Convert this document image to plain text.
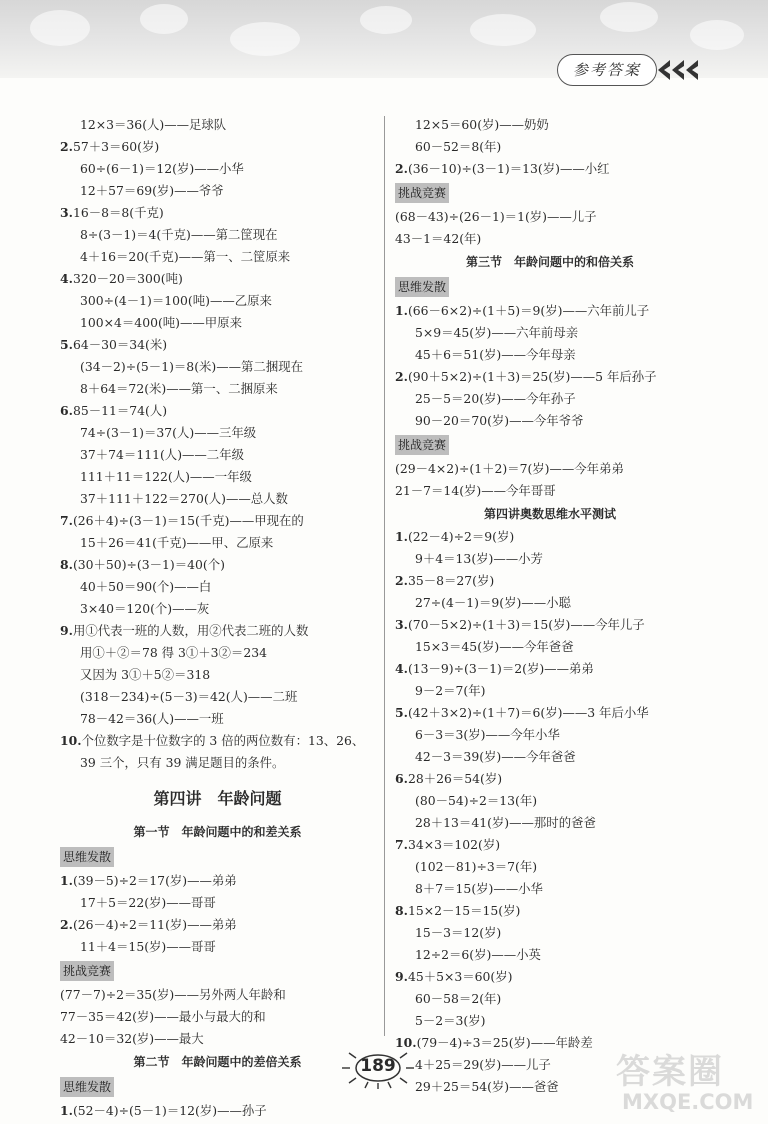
参考答案
12×3＝36(人)——足球队
2.57＋3＝60(岁)
60÷(6－1)＝12(岁)——小华
12＋57＝69(岁)——爷爷
3.16－8＝8(千克)
8÷(3－1)＝4(千克)——第二筐现在
4＋16＝20(千克)——第一、二筐原来
4.320－20＝300(吨)
300÷(4－1)＝100(吨)——乙原来
100×4＝400(吨)——甲原来
5.64－30＝34(米)
(34－2)÷(5－1)＝8(米)——第二捆现在
8＋64＝72(米)——第一、二捆原来
6.85－11＝74(人)
74÷(3－1)＝37(人)——三年级
37＋74＝111(人)——二年级
111＋11＝122(人)——一年级
37＋111＋122＝270(人)——总人数
7.(26＋4)÷(3－1)＝15(千克)——甲现在的
15＋26＝41(千克)——甲、乙原来
8.(30＋50)÷(3－1)＝40(个)
40＋50＝90(个)——白
3×40＝120(个)——灰
9.用①代表一班的人数，用②代表二班的人数
用①＋②＝78 得 3①＋3②＝234
又因为 3①＋5②＝318
(318－234)÷(5－3)＝42(人)——二班
78－42＝36(人)——一班
10.个位数字是十位数字的 3 倍的两位数有：13、26、
39 三个，只有 39 满足题目的条件。
第四讲　年龄问题
第一节　年龄问题中的和差关系
思维发散
1.(39－5)÷2＝17(岁)——弟弟
17＋5＝22(岁)——哥哥
2.(26－4)÷2＝11(岁)——弟弟
11＋4＝15(岁)——哥哥
挑战竞赛
(77－7)÷2＝35(岁)——另外两人年龄和
77－35＝42(岁)——最小与最大的和
42－10＝32(岁)——最大
第二节　年龄问题中的差倍关系
思维发散
1.(52－4)÷(5－1)＝12(岁)——孙子
12×5＝60(岁)——奶奶
60－52＝8(年)
2.(36－10)÷(3－1)＝13(岁)——小红
挑战竞赛
(68－43)÷(26－1)＝1(岁)——儿子
43－1＝42(年)
第三节　年龄问题中的和倍关系
思维发散
1.(66－6×2)÷(1＋5)＝9(岁)——六年前儿子
5×9＝45(岁)——六年前母亲
45＋6＝51(岁)——今年母亲
2.(90＋5×2)÷(1＋3)＝25(岁)——5 年后孙子
25－5＝20(岁)——今年孙子
90－20＝70(岁)——今年爷爷
挑战竞赛
(29－4×2)÷(1＋2)＝7(岁)——今年弟弟
21－7＝14(岁)——今年哥哥
第四讲奥数思维水平测试
1.(22－4)÷2＝9(岁)
9＋4＝13(岁)——小芳
2.35－8＝27(岁)
27÷(4－1)＝9(岁)——小聪
3.(70－5×2)÷(1＋3)＝15(岁)——今年儿子
15×3＝45(岁)——今年爸爸
4.(13－9)÷(3－1)＝2(岁)——弟弟
9－2＝7(年)
5.(42＋3×2)÷(1＋7)＝6(岁)——3 年后小华
6－3＝3(岁)——今年小华
42－3＝39(岁)——今年爸爸
6.28＋26＝54(岁)
(80－54)÷2＝13(年)
28＋13＝41(岁)——那时的爸爸
7.34×3＝102(岁)
(102－81)÷3＝7(年)
8＋7＝15(岁)——小华
8.15×2－15＝15(岁)
15－3＝12(岁)
12÷2＝6(岁)——小英
9.45＋5×3＝60(岁)
60－58＝2(年)
5－2＝3(岁)
10.(79－4)÷3＝25(岁)——年龄差
4＋25＝29(岁)——儿子
29＋25＝54(岁)——爸爸
189	答案圈
MXQE.COM
